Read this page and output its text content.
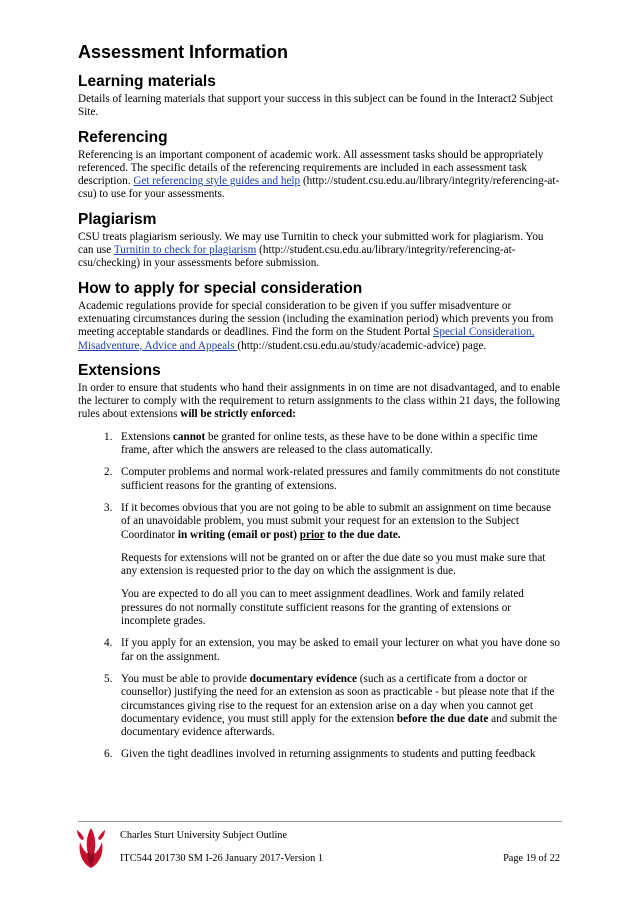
Assessment Information
Learning materials

Details of learning materials that support your success in this subject can be found in the Interact2 Subject Site.

Referencing

Referencing is an important component of academic work. All assessment tasks should be appropriately referenced. The specific details of the referencing requirements are included in each assessment task description. Get referencing style guides and help (http://student.csu.edu.au/library/integrity/referencing-at-csu) to use for your assessments.

Plagiarism

CSU treats plagiarism seriously. We may use Turnitin to check your submitted work for plagiarism. You can use Turnitin to check for plagiarism (http://student.csu.edu.au/library/integrity/referencing-at-csu/checking) in your assessments before submission.

How to apply for special consideration

Academic regulations provide for special consideration to be given if you suffer misadventure or extenuating circumstances during the session (including the examination period) which prevents you from meeting acceptable standards or deadlines. Find the form on the Student Portal Special Consideration, Misadventure, Advice and Appeals (http://student.csu.edu.au/study/academic-advice) page.

Extensions

In order to ensure that students who hand their assignments in on time are not disadvantaged, and to enable the lecturer to comply with the requirement to return assignments to the class within 21 days, the following rules about extensions will be strictly enforced:

1. Extensions cannot be granted for online tests, as these have to be done within a specific time frame, after which the answers are released to the class automatically.

2. Computer problems and normal work-related pressures and family commitments do not constitute sufficient reasons for the granting of extensions.

3. If it becomes obvious that you are not going to be able to submit an assignment on time because of an unavoidable problem, you must submit your request for an extension to the Subject Coordinator in writing (email or post) prior to the due date.

Requests for extensions will not be granted on or after the due date so you must make sure that any extension is requested prior to the day on which the assignment is due.

You are expected to do all you can to meet assignment deadlines. Work and family related pressures do not normally constitute sufficient reasons for the granting of extensions or incomplete grades.

4. If you apply for an extension, you may be asked to email your lecturer on what you have done so far on the assignment.

5. You must be able to provide documentary evidence (such as a certificate from a doctor or counsellor) justifying the need for an extension as soon as practicable - but please note that if the circumstances giving rise to the request for an extension arise on a day when you cannot get documentary evidence, you must still apply for the extension before the due date and submit the documentary evidence afterwards.

6. Given the tight deadlines involved in returning assignments to students and putting feedback

Charles Sturt University Subject Outline
ITC544 201730 SM I-26 January 2017-Version 1	Page 19 of 22
